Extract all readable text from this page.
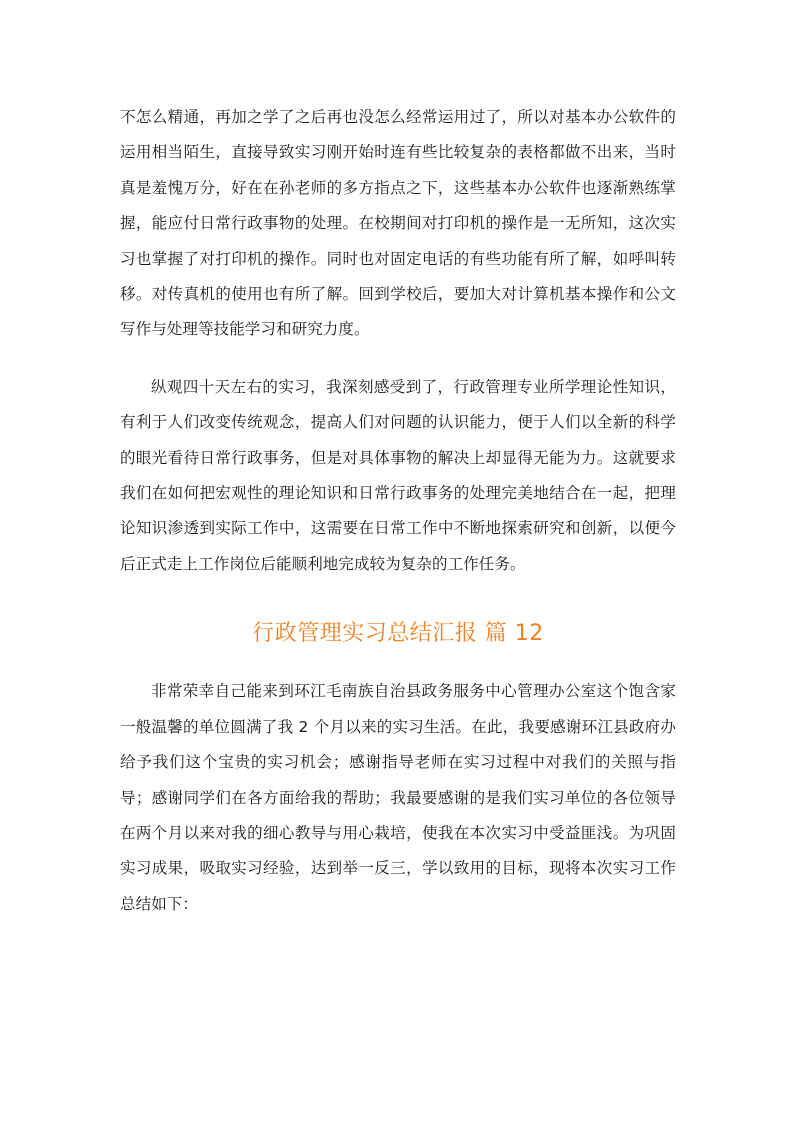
不怎么精通，再加之学了之后再也没怎么经常运用过了，所以对基本办公软件的运用相当陌生，直接导致实习刚开始时连有些比较复杂的表格都做不出来，当时真是羞愧万分，好在在孙老师的多方指点之下，这些基本办公软件也逐渐熟练掌握，能应付日常行政事物的处理。在校期间对打印机的操作是一无所知，这次实习也掌握了对打印机的操作。同时也对固定电话的有些功能有所了解，如呼叫转移。对传真机的使用也有所了解。回到学校后，要加大对计算机基本操作和公文写作与处理等技能学习和研究力度。

纵观四十天左右的实习，我深刻感受到了，行政管理专业所学理论性知识，有利于人们改变传统观念，提高人们对问题的认识能力，便于人们以全新的科学的眼光看待日常行政事务，但是对具体事物的解决上却显得无能为力。这就要求我们在如何把宏观性的理论知识和日常行政事务的处理完美地结合在一起，把理论知识渗透到实际工作中，这需要在日常工作中不断地探索研究和创新，以便今后正式走上工作岗位后能顺利地完成较为复杂的工作任务。

行政管理实习总结汇报 篇 12

非常荣幸自己能来到环江毛南族自治县政务服务中心管理办公室这个饱含家一般温馨的单位圆满了我 2 个月以来的实习生活。在此，我要感谢环江县政府办给予我们这个宝贵的实习机会；感谢指导老师在实习过程中对我们的关照与指导；感谢同学们在各方面给我的帮助；我最要感谢的是我们实习单位的各位领导在两个月以来对我的细心教导与用心栽培，使我在本次实习中受益匪浅。为巩固实习成果，吸取实习经验，达到举一反三，学以致用的目标，现将本次实习工作总结如下：
